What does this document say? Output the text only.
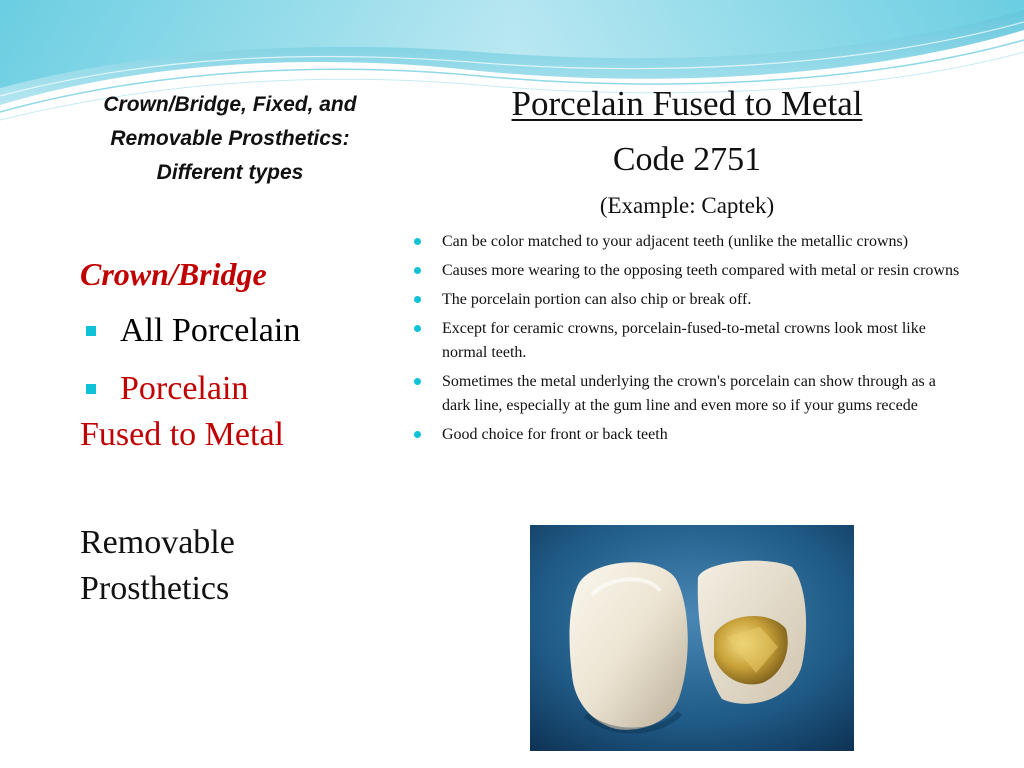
Crown/Bridge, Fixed, and
Removable Prosthetics:
Different types
Crown/Bridge
All Porcelain
Porcelain
Fused to Metal
Removable
Prosthetics
Porcelain Fused to Metal
Code 2751
(Example: Captek)
Can be color matched to your adjacent teeth (unlike the metallic crowns)
Causes more wearing to the opposing teeth compared with metal or resin crowns
The porcelain portion can also chip or break off.
Except for ceramic crowns, porcelain-fused-to-metal crowns look most like normal teeth.
Sometimes the metal underlying the crown's porcelain can show through as a dark line, especially at the gum line and even more so if your gums recede
Good choice for front or back teeth
